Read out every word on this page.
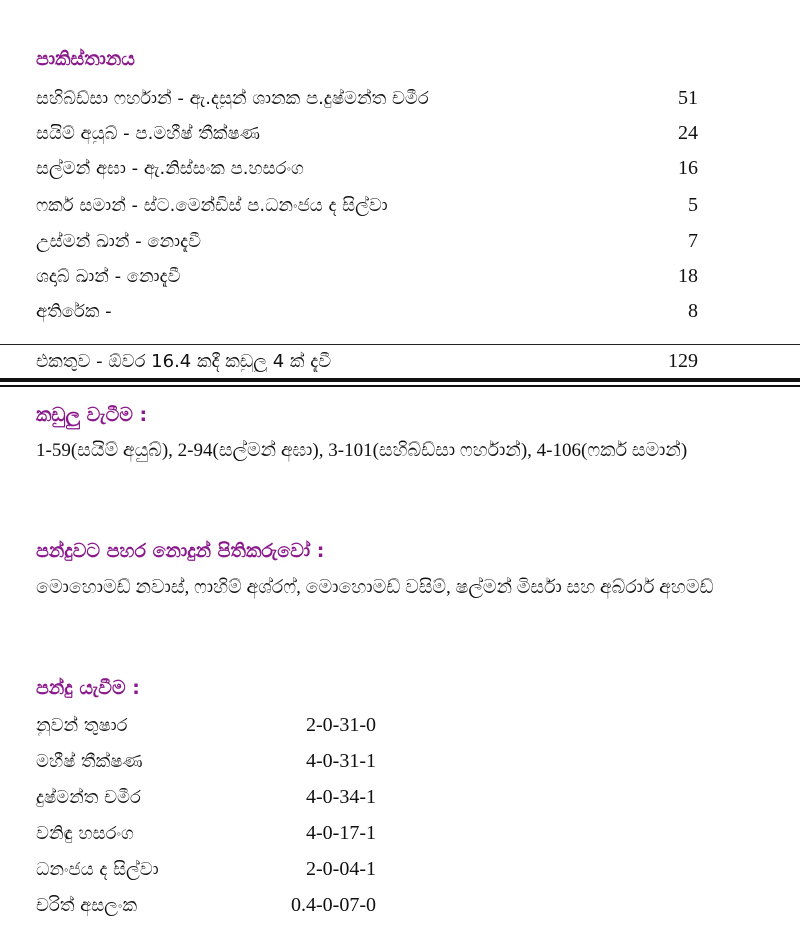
පාකිස්තානය
සහිබ්ඩ්සා ෆර්හාන් - ඇ.දසුන් ශානක ප.දුෂ්මන්ත චමීර	51
සයිම් අයුබ් - ප.මහීෂ් තීක්ෂණ	24
සල්මන් අඝා - ඇ.නිස්සංක ප.හසරංග	16
ෆකර් සමාන් - ස්ට.මෙන්ඩිස් ප.ධනංජය ද සිල්වා	5
උස්මන් ඛාන් - නොදැවී	7
ශදාබ් ඛාන් - නොදැවී	18
අතිරේක -	8
එකතුව - ඕවර 16.4 කදී කඩුලු 4 ක් දැවී	129
කඩුලු වැටීම :
1-59(සයිම් අයුබ්), 2-94(සල්මන් අඝා), 3-101(සහිබ්ඩ්සා ෆර්හාන්), 4-106(ෆකර් සමාන්)
පන්දුවට පහර නොදුන් පිතිකරුවෝ :
මොහොමඩ් නවාස්, ෆාහිම් අශ්රෆ්, මොහොමඩ් වසිම්, ෂල්මන් මිර්සා සහ අබ්රාර් අහමඩ්
පන්දු යැවීම :
නුවන් තුෂාර	2-0-31-0
මහීෂ් තීක්ෂණ	4-0-31-1
දුෂ්මන්ත චමීර	4-0-34-1
වනිඳු හසරංග	4-0-17-1
ධනංජය ද සිල්වා	2-0-04-1
චරිත් අසලංක	0.4-0-07-0
